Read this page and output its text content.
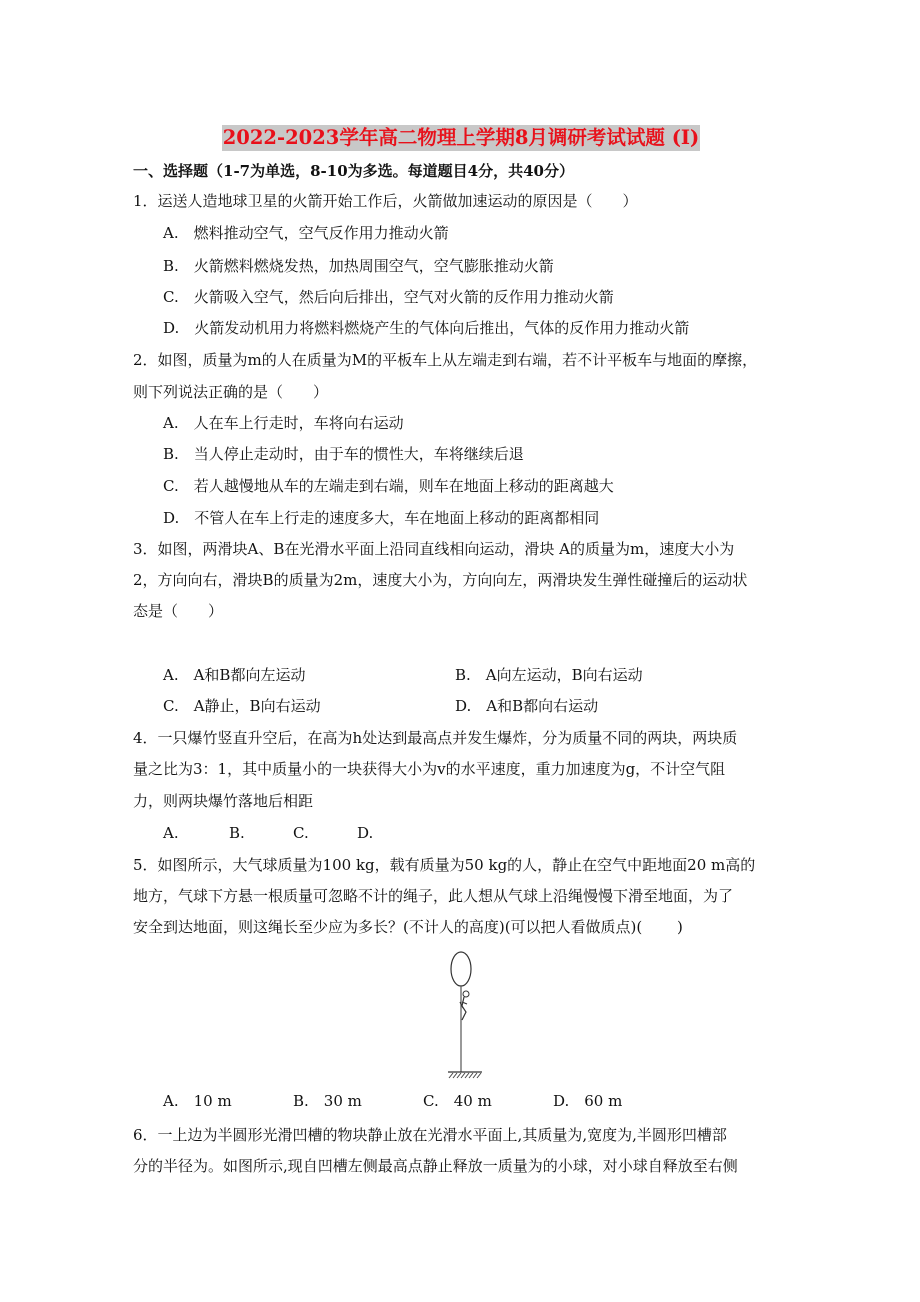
2022-2023学年高二物理上学期8月调研考试试题 (I)
一、选择题（1-7为单选，8-10为多选。每道题目4分，共40分）
1．运送人造地球卫星的火箭开始工作后，火箭做加速运动的原因是（　　）
A.　燃料推动空气，空气反作用力推动火箭
B.　火箭燃料燃烧发热，加热周围空气，空气膨胀推动火箭
C.　火箭吸入空气，然后向后排出，空气对火箭的反作用力推动火箭
D.　火箭发动机用力将燃料燃烧产生的气体向后推出，气体的反作用力推动火箭
2．如图，质量为m的人在质量为M的平板车上从左端走到右端，若不计平板车与地面的摩擦，
则下列说法正确的是（　　）
A.　人在车上行走时，车将向右运动
B.　当人停止走动时，由于车的惯性大，车将继续后退
C.　若人越慢地从车的左端走到右端，则车在地面上移动的距离越大
D.　不管人在车上行走的速度多大，车在地面上移动的距离都相同
3．如图，两滑块A、B在光滑水平面上沿同直线相向运动，滑块 A的质量为m，速度大小为
2，方向向右，滑块B的质量为2m，速度大小为，方向向左，两滑块发生弹性碰撞后的运动状
态是（　　）
A.　A和B都向左运动	B.　A向左运动，B向右运动
C.　A静止，B向右运动	D.　A和B都向右运动
4．一只爆竹竖直升空后，在高为h处达到最高点并发生爆炸，分为质量不同的两块，两块质
量之比为3：1，其中质量小的一块获得大小为v的水平速度，重力加速度为g，不计空气阻
力，则两块爆竹落地后相距
A.	B.	C.	D.
5．如图所示，大气球质量为100 kg，载有质量为50 kg的人，静止在空气中距地面20 m高的
地方，气球下方悬一根质量可忽略不计的绳子，此人想从气球上沿绳慢慢下滑至地面，为了
安全到达地面，则这绳长至少应为多长？(不计人的高度)(可以把人看做质点)(　　 )
A.　10 m	B.　30 m	C.　40 m	D.　60 m
6．一上边为半圆形光滑凹槽的物块静止放在光滑水平面上,其质量为,宽度为,半圆形凹槽部
分的半径为。如图所示,现自凹槽左侧最高点静止释放一质量为的小球，对小球自释放至右侧
